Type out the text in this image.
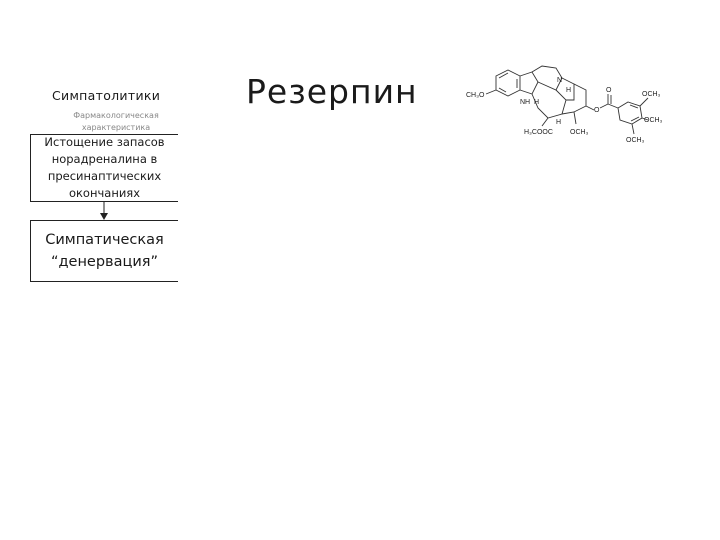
Симпатолитики
Фармакологическая характеристика
Истощение запасов норадреналина в пресинаптических окончаниях
Симпатическая “денервация”
Резерпин	CH₃O
NH H
H
H
N
H₃COOC OCH₃
O
O
OCH₃
OCH₃
OCH₃
